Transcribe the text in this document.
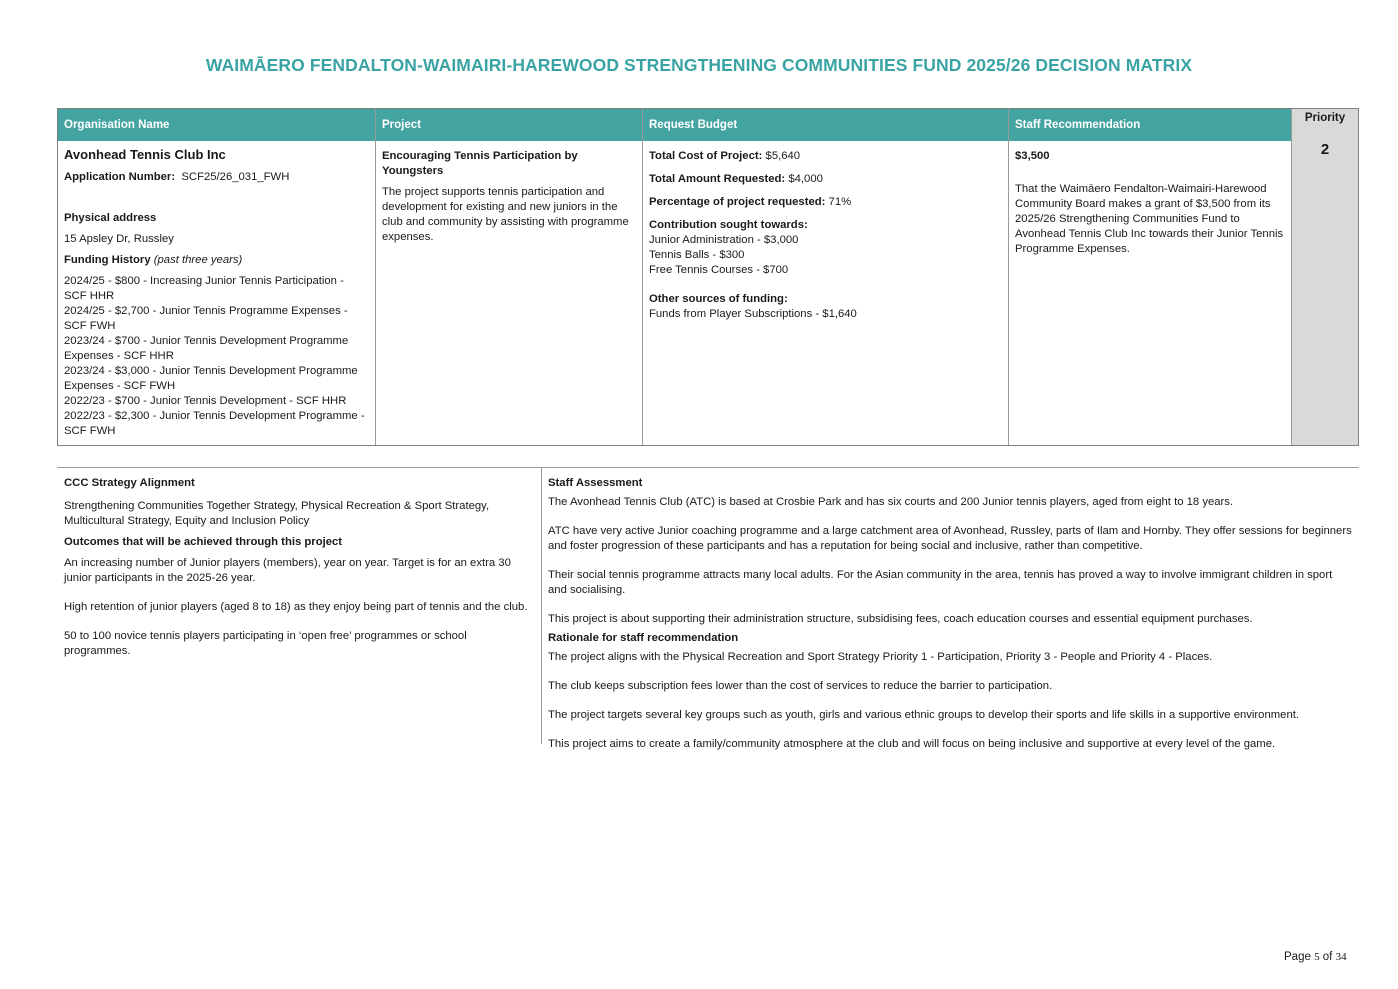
WAIMĀERO FENDALTON-WAIMAIRI-HAREWOOD STRENGTHENING COMMUNITIES FUND 2025/26 DECISION MATRIX
Organisation Name
Avonhead Tennis Club Inc

Application Number: SCF25/26_031_FWH

Physical address

15 Apsley Dr, Russley

Funding History (past three years)

2024/25 - $800 - Increasing Junior Tennis Participation - SCF HHR

2024/25 - $2,700 - Junior Tennis Programme Expenses - SCF FWH

2023/24 - $700 - Junior Tennis Development Programme Expenses - SCF HHR

2023/24 - $3,000 - Junior Tennis Development Programme Expenses - SCF FWH

2022/23 - $700 - Junior Tennis Development - SCF HHR

2022/23 - $2,300 - Junior Tennis Development Programme - SCF FWH

Project

Encouraging Tennis Participation by Youngsters

The project supports tennis participation and development for existing and new juniors in the club and community by assisting with programme expenses.

Request Budget

Total Cost of Project: $5,640

Total Amount Requested: $4,000

Percentage of project requested: 71%

Contribution sought towards:

Junior Administration - $3,000

Tennis Balls - $300

Free Tennis Courses - $700

Other sources of funding:

Funds from Player Subscriptions - $1,640

Staff Recommendation

$3,500

That the Waimāero Fendalton-Waimairi-Harewood Community Board makes a grant of $3,500 from its 2025/26 Strengthening Communities Fund to Avonhead Tennis Club Inc towards their Junior Tennis Programme Expenses.

Priority
2

CCC Strategy Alignment

Strengthening Communities Together Strategy, Physical Recreation & Sport Strategy, Multicultural Strategy, Equity and Inclusion Policy

Outcomes that will be achieved through this project

An increasing number of Junior players (members), year on year. Target is for an extra 30 junior participants in the 2025-26 year.

High retention of junior players (aged 8 to 18) as they enjoy being part of tennis and the club.

50 to 100 novice tennis players participating in ‘open free’ programmes or school programmes.

Staff Assessment

The Avonhead Tennis Club (ATC) is based at Crosbie Park and has six courts and 200 Junior tennis players, aged from eight to 18 years.

ATC have very active Junior coaching programme and a large catchment area of Avonhead, Russley, parts of Ilam and Hornby. They offer sessions for beginners and foster progression of these participants and has a reputation for being social and inclusive, rather than competitive.

Their social tennis programme attracts many local adults. For the Asian community in the area, tennis has proved a way to involve immigrant children in sport and socialising.

This project is about supporting their administration structure, subsidising fees, coach education courses and essential equipment purchases.

Rationale for staff recommendation

The project aligns with the Physical Recreation and Sport Strategy Priority 1 - Participation, Priority 3 - People and Priority 4 - Places.

The club keeps subscription fees lower than the cost of services to reduce the barrier to participation.

The project targets several key groups such as youth, girls and various ethnic groups to develop their sports and life skills in a supportive environment.

This project aims to create a family/community atmosphere at the club and will focus on being inclusive and supportive at every level of the game.

Page 5 of 34
